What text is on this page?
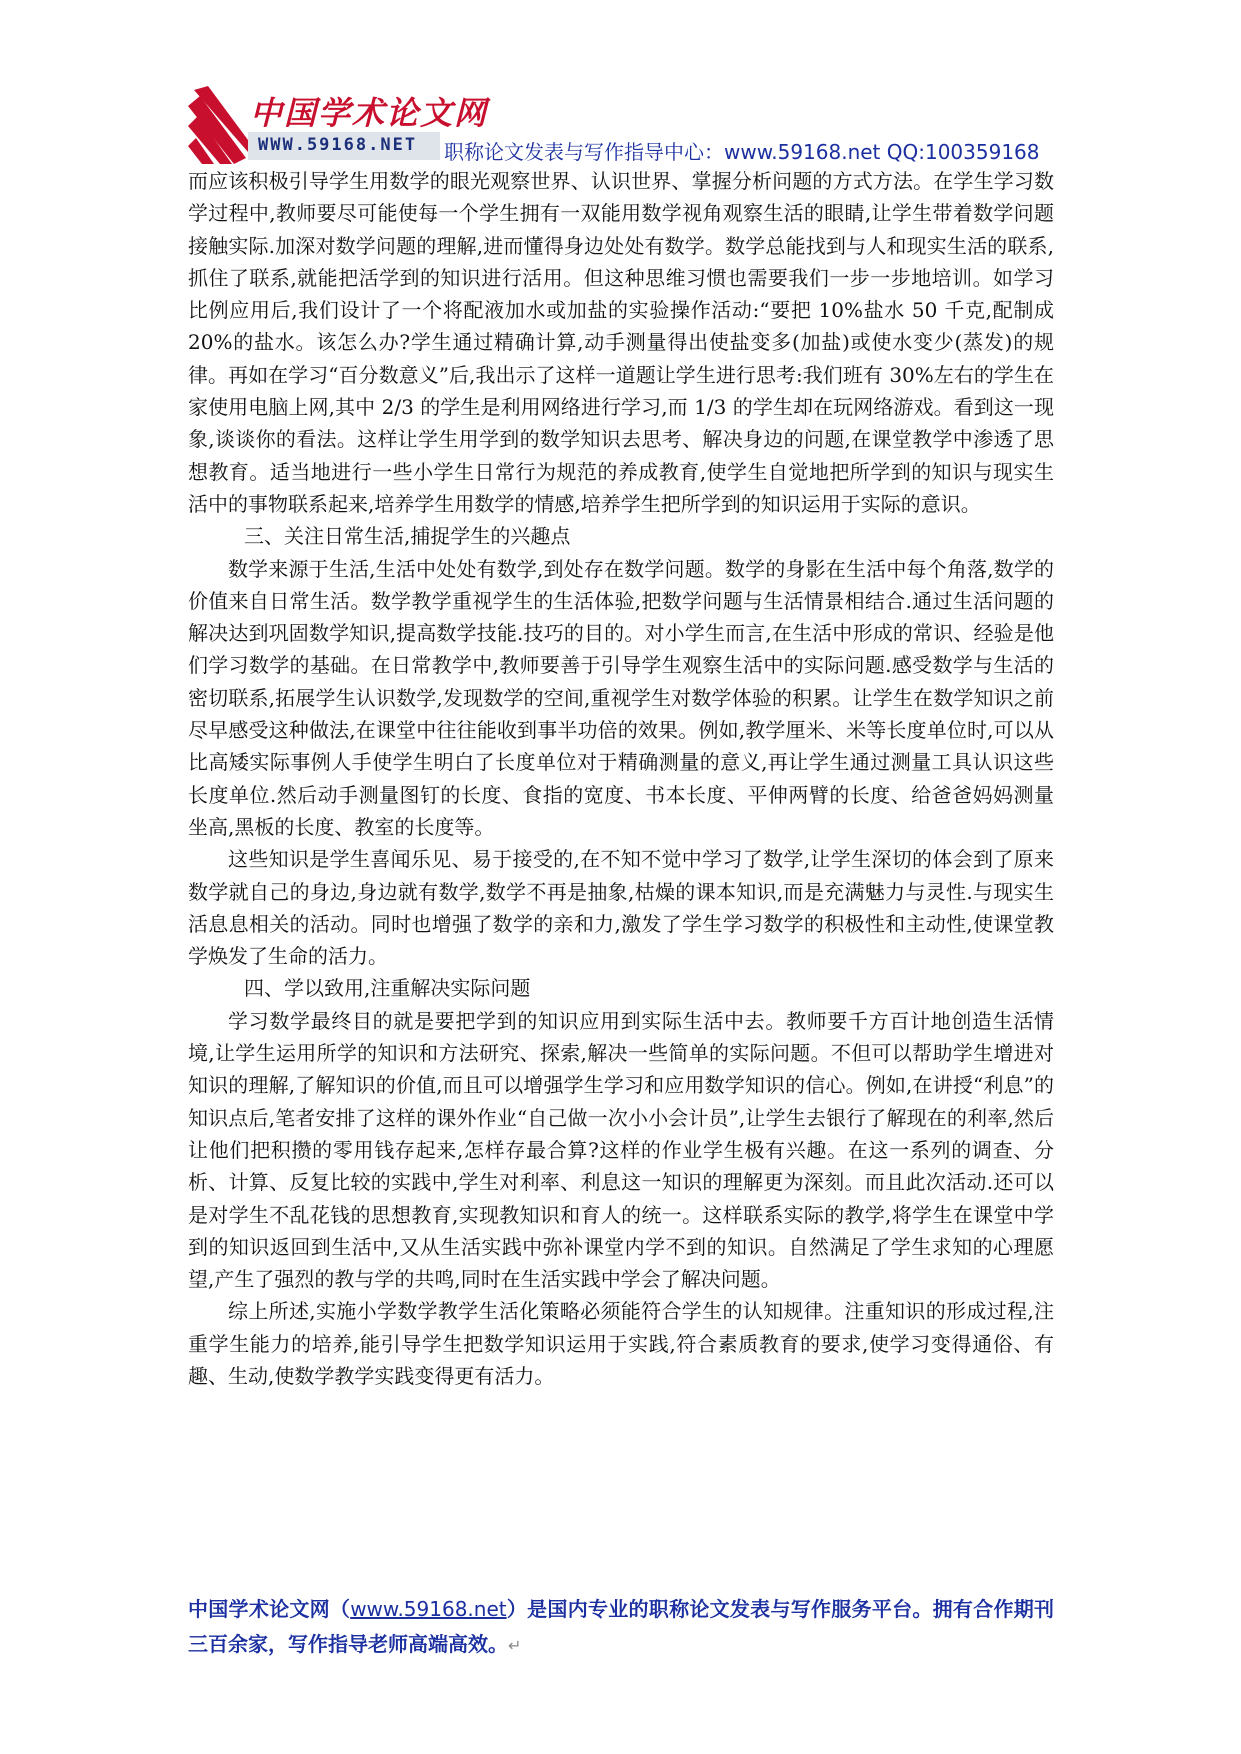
中国学术论文网
WWW.59168.NET 职称论文发表与写作指导中心：www.59168.net QQ:100359168

而应该积极引导学生用数学的眼光观察世界、认识世界、掌握分析问题的方式方法。在学生学习数学过程中,教师要尽可能使每一个学生拥有一双能用数学视角观察生活的眼睛,让学生带着数学问题接触实际.加深对数学问题的理解,进而懂得身边处处有数学。数学总能找到与人和现实生活的联系,抓住了联系,就能把活学到的知识进行活用。但这种思维习惯也需要我们一步一步地培训。如学习比例应用后,我们设计了一个将配液加水或加盐的实验操作活动:“要把 10%盐水 50 千克,配制成 20%的盐水。该怎么办?学生通过精确计算,动手测量得出使盐变多(加盐)或使水变少(蒸发)的规律。再如在学习“百分数意义”后,我出示了这样一道题让学生进行思考:我们班有 30%左右的学生在家使用电脑上网,其中 2/3 的学生是利用网络进行学习,而 1/3 的学生却在玩网络游戏。看到这一现象,谈谈你的看法。这样让学生用学到的数学知识去思考、解决身边的问题,在课堂教学中渗透了思想教育。适当地进行一些小学生日常行为规范的养成教育,使学生自觉地把所学到的知识与现实生活中的事物联系起来,培养学生用数学的情感,培养学生把所学到的知识运用于实际的意识。

三、关注日常生活,捕捉学生的兴趣点

数学来源于生活,生活中处处有数学,到处存在数学问题。数学的身影在生活中每个角落,数学的价值来自日常生活。数学教学重视学生的生活体验,把数学问题与生活情景相结合.通过生活问题的解决达到巩固数学知识,提高数学技能.技巧的目的。对小学生而言,在生活中形成的常识、经验是他们学习数学的基础。在日常教学中,教师要善于引导学生观察生活中的实际问题.感受数学与生活的密切联系,拓展学生认识数学,发现数学的空间,重视学生对数学体验的积累。让学生在数学知识之前尽早感受这种做法,在课堂中往往能收到事半功倍的效果。例如,教学厘米、米等长度单位时,可以从比高矮实际事例人手使学生明白了长度单位对于精确测量的意义,再让学生通过测量工具认识这些长度单位.然后动手测量图钉的长度、食指的宽度、书本长度、平伸两臂的长度、给爸爸妈妈测量坐高,黑板的长度、教室的长度等。

这些知识是学生喜闻乐见、易于接受的,在不知不觉中学习了数学,让学生深切的体会到了原来数学就自己的身边,身边就有数学,数学不再是抽象,枯燥的课本知识,而是充满魅力与灵性.与现实生活息息相关的活动。同时也增强了数学的亲和力,激发了学生学习数学的积极性和主动性,使课堂教学焕发了生命的活力。

四、学以致用,注重解决实际问题

学习数学最终目的就是要把学到的知识应用到实际生活中去。教师要千方百计地创造生活情境,让学生运用所学的知识和方法研究、探索,解决一些简单的实际问题。不但可以帮助学生增进对知识的理解,了解知识的价值,而且可以增强学生学习和应用数学知识的信心。例如,在讲授“利息”的知识点后,笔者安排了这样的课外作业“自己做一次小小会计员”,让学生去银行了解现在的利率,然后让他们把积攒的零用钱存起来,怎样存最合算?这样的作业学生极有兴趣。在这一系列的调查、分析、计算、反复比较的实践中,学生对利率、利息这一知识的理解更为深刻。而且此次活动.还可以是对学生不乱花钱的思想教育,实现教知识和育人的统一。这样联系实际的教学,将学生在课堂中学到的知识返回到生活中,又从生活实践中弥补课堂内学不到的知识。自然满足了学生求知的心理愿望,产生了强烈的教与学的共鸣,同时在生活实践中学会了解决问题。

综上所述,实施小学数学教学生活化策略必须能符合学生的认知规律。注重知识的形成过程,注重学生能力的培养,能引导学生把数学知识运用于实践,符合素质教育的要求,使学习变得通俗、有趣、生动,使数学教学实践变得更有活力。

中国学术论文网（www.59168.net）是国内专业的职称论文发表与写作服务平台。拥有合作期刊三百余家，写作指导老师高端高效。↵
